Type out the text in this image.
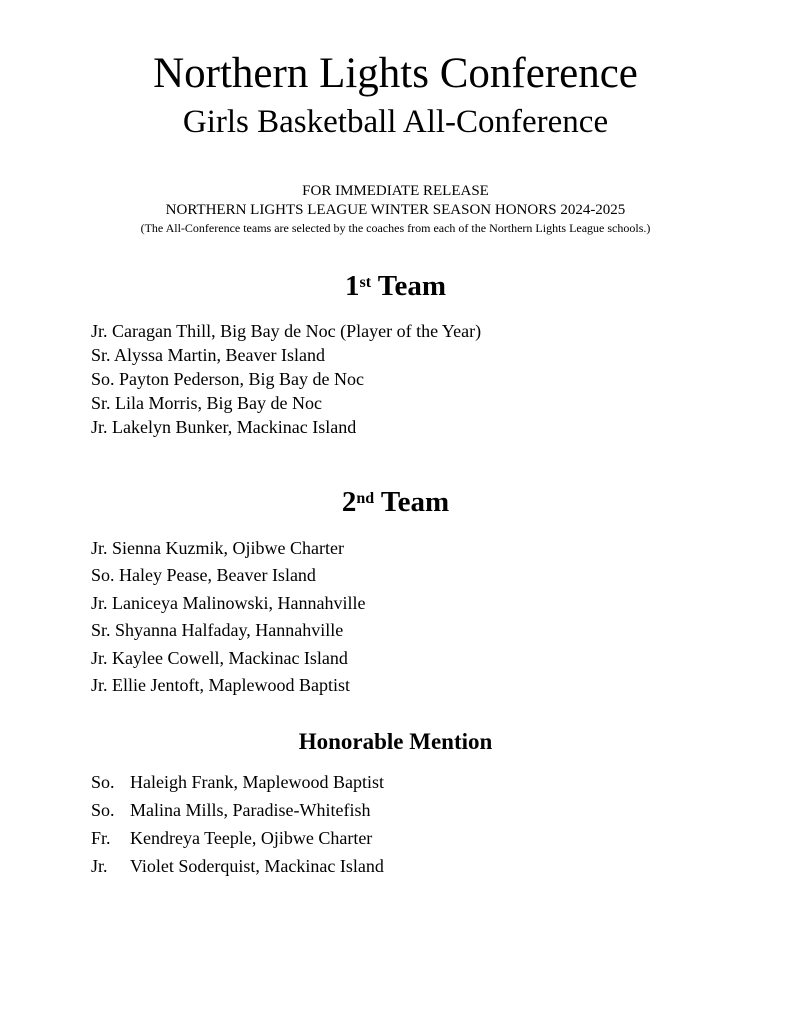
Northern Lights Conference
Girls Basketball All-Conference
FOR IMMEDIATE RELEASE
NORTHERN LIGHTS LEAGUE WINTER SEASON HONORS 2024-2025
(The All-Conference teams are selected by the coaches from each of the Northern Lights League schools.)
1st Team
Jr. Caragan Thill, Big Bay de Noc (Player of the Year)
Sr. Alyssa Martin, Beaver Island
So. Payton Pederson, Big Bay de Noc
Sr. Lila Morris, Big Bay de Noc
Jr. Lakelyn Bunker, Mackinac Island
2nd Team
Jr. Sienna Kuzmik, Ojibwe Charter
So. Haley Pease, Beaver Island
Jr. Laniceya Malinowski, Hannahville
Sr. Shyanna Halfaday, Hannahville
Jr. Kaylee Cowell, Mackinac Island
Jr. Ellie Jentoft, Maplewood Baptist
Honorable Mention
So. Haleigh Frank, Maplewood Baptist
So. Malina Mills, Paradise-Whitefish
Fr. Kendreya Teeple, Ojibwe Charter
Jr. Violet Soderquist, Mackinac Island
